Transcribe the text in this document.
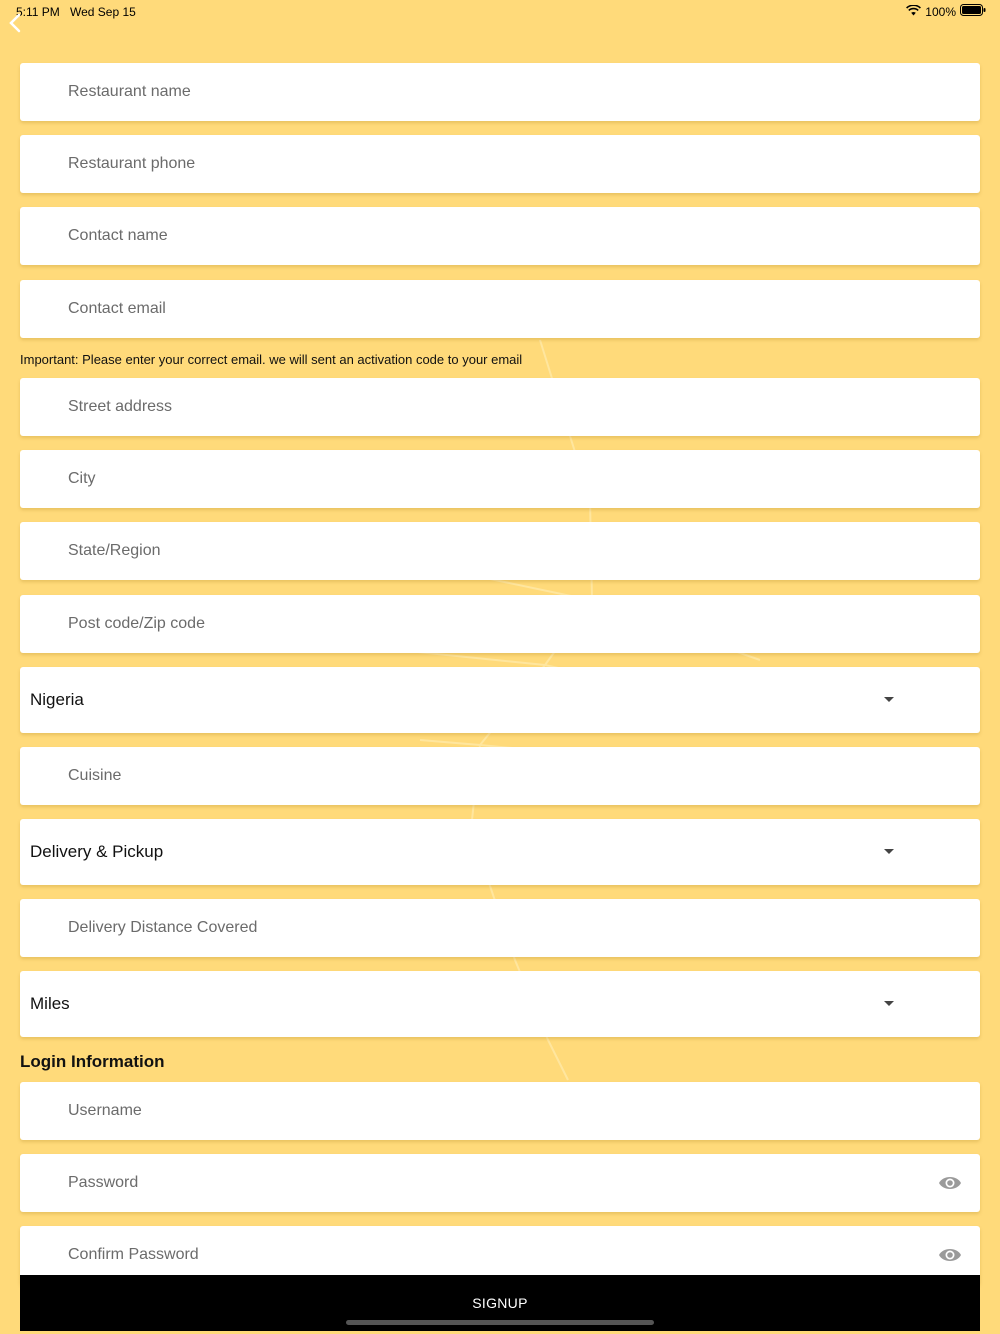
5:11 PM Wed Sep 15	100%
Restaurant name
Restaurant phone
Contact name
Contact email
Important: Please enter your correct email. we will sent an activation code to your email
Street address
City
State/Region
Post code/Zip code
Nigeria
Cuisine
Delivery & Pickup
Delivery Distance Covered
Miles
Login Information
Username
SIGNUP
